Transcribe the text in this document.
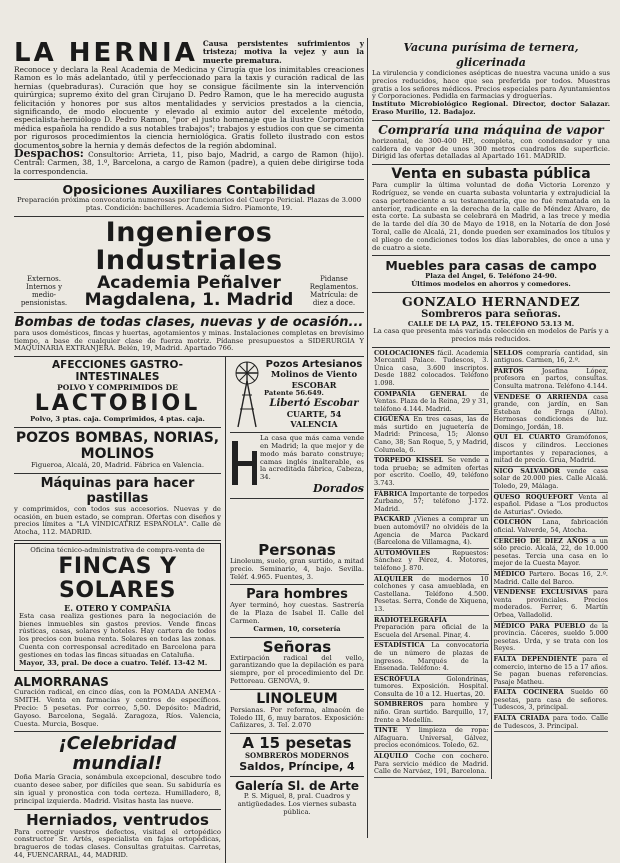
LA HERNIA Causa persistentes sufrimientos y tristeza; motiva la vejez y aun la muerte prematura.
Reconoce y declara la Real Academia de Medicina y Cirugía que los inimitables creaciones Ramon es lo más adelantado, útil y perfeccionado para la taxis y curación radical de las hernias (quebraduras). Curación que hoy se consigue fácilmente sin la intervención quirúrgica; supremo éxito del gran Cirujano D. Pedro Ramon, que le ha merecido augusta felicitación y honores por sus altos mentalidades y servicios prestados a la ciencia, significando, de modo elocuente y elevado al eximio autor del excelente método, especialista-herniólogo D. Pedro Ramon, "por el justo homenaje que la ilustre Corporación médica española ha rendido a sus notables trabajos"; trabajos y estudios con que se cimenta por rigurosos procedimientos la ciencia herniológica. Gratis folleto ilustrado con estos documentos sobre la hernia y demás defectos de la región abdominal.
Despachos: Consultorio: Arrieta, 11, piso bajo, Madrid, a cargo de Ramon (hijo). Central: Carmen, 38, 1.º, Barcelona, a cargo de Ramon (padre), a quien debe dirigirse toda la correspondencia.
Oposiciones Auxiliares Contabilidad
Preparación próxima convocatoria numerosas por funcionarios del Cuerpo Pericial. Plazas de 3.000 ptas. Condición: bachilleres. Academia Sidro. Piamonte, 19.
Ingenieros Industriales
Externos. Internos y medio-pensionistas.
Academia Peñalver
Magdalena, 1. Madrid
Pidanse Reglamentos. Matrícula: de diez a doce.
Bombas de todas clases, nuevas y de ocasión...
para usos domésticos, fincas y huertas, agotamientos y minas. Instalaciones completas en brevísimo tiempo, a base de cualquier clase de fuerza motriz. Pídanse presupuestos a SIDERURGIA Y MAQUINARIA EXTRANJERA. Belén, 19, Madrid. Apartado 766.
AFECCIONES GASTRO-INTESTINALES
POLVO Y COMPRIMIDOS DE
LACTOBIOL
Polvo, 3 ptas. caja. Comprimidos, 4 ptas. caja.
POZOS BOMBAS, NORIAS, MOLINOS
Figueroa, Alcalá, 20, Madrid. Fábrica en Valencia.
Máquinas para hacer pastillas
y comprimidos, con todos sus accesorios. Nuevas y de ocasión, en buen estado, se compran. Ofertas con diseños y precios límites a "LA VINDICATRIZ ESPAÑOLA". Calle de Atocha, 112. MADRID.
Pozos Artesianos
Molinos de Viento
ESCOBAR
Patente 56.649.
Libertó Escobar
CUARTE, 54
VALENCIA
La casa que más cama vende en Madrid; la que mejor y de modo más barato construye; camas inglés inalterable, es la acreditada fábrica, Cabeza, 34.
Dorados
Oficina técnico-administrativa de compra-venta de
FINCAS Y SOLARES
E. OTERO Y COMPAÑIA
Esta casa realiza gestiones para la negociación de bienes inmuebles sin gastos previos. Vende fincas rústicas, casas, solares y hoteles. Hay cartera de todos los precios con buena renta. Solares en todas las zonas. Cuenta con corresponsal acreditado en Barcelona para gestiones en todas las fincas situadas en Cataluña.
Mayor, 33, pral. De doce a cuatro. Teléf. 13-42 M.
ALMORRANAS
Curación radical, en cinco días, con la POMADA ANEMA · SMITH. Venta en farmacias y centros de específicos. Precio: 5 pesetas. Por correo, 5,50. Depósito: Madrid, Gayoso. Barcelona, Segalá. Zaragoza, Ríos. Valencia, Cuesta. Murcia, Bosque.
¡Celebridad mundial!
Doña María Gracia, sonámbula excepcional, descubre todo cuanto desee saber, por difíciles que sean. Su sabiduría es sin igual y pronostica con toda certeza. Humilladero, 8, principal izquierda. Madrid. Visitas hasta las nueve.
Herniados, ventrudos
Para corregir vuestros defectos, visitad el ortopédico constructor Sr. Artés, especialista en fajas ortopédicas, bragueros de todas clases. Consultas gratuitas. Carretas, 44, FUENCARRAL, 44, MADRID.
Personas
Linoleum, suelo, gran surtido, a mitad precio. Seminario, 4, bajo. Sevilla. Teléf. 4.965. Fuentes, 3.
Para hombres
Ayer terminó, hoy cuestas. Sastrería de la Plaza de Isabel II. Calle del Carmen.
Carmen, 10, corsetería
Señoras
Extirpación radical del vello, garantizando que la depilación es para siempre, por el procedimiento del Dr. Pettoreau. GENOVA, 9.
LINOLEUM
Persianas. Por reforma, almacén de Toledo III, 6, muy baratos. Exposición: Cañizares, 3. Tel. 2.070
A 15 pesetas
SOMBREROS MODERNOS
Saldos, Príncipe, 4
Galería Sl. de Arte
P. S. Miguel, 8, pral. Cuadros y antigüedades. Los viernes subasta pública.
Vacuna purísima de ternera, glicerinada
La virulencia y condiciones asépticas de nuestra vacuna unido a sus precios reducidos, hace que sea preferida por todos. Muestras gratis a los señores médicos. Precios especiales para Ayuntamientos y Corporaciones. Pedidla en farmacias y droguerías.
Instituto Microbiológico Regional. Director, doctor Salazar. Eraso Murillo, 12. Badajoz.
Compraría una máquina de vapor
horizontal, de 300-400 HP., completa, con condensador y una caldera de vapor de unos 300 metros cuadrados de superficie. Dirigid las ofertas detalladas al Apartado 161. MADRID.
Venta en subasta pública
Para cumplir la última voluntad de doña Victoria Lorenzo y Rodríguez, se vende en cuarta subasta voluntaria y extrajudicial la casa perteneciente a su testamentaría, que no fué rematada en la anterior, radicante en la derecha de la calle de Méndez Álvaro, de esta corte. La subasta se celebrará en Madrid, a las trece y media de la tarde del día 30 de Mayo de 1918, en la Notaría de don José Toral, calle de Alcalá, 21, donde pueden ser examinados los títulos y el pliego de condiciones todos los días laborables, de once a una y de cuatro a siete.
Muebles para casas de campo
Plaza del Ángel, 6. Teléfono 24-90.
Últimos modelos en ahorros y comedores.
GONZALO HERNANDEZ
Sombreros para señoras.
CALLE DE LA PAZ, 15. TELÉFONO 53.13 M.
La casa que presenta más variada colección en modelos de París y a precios más reducidos.
COLOCACIONES fácil. Academia Mercantil Palace. Tudescos, 3. Única casa, 3.600 inscriptos. Desde 1882 colocados. Teléfono 1.098.
COMPAÑÍA GENERAL de Ventas. Plaza de la Reina, 29 y 31, teléfono 4.144. Madrid.
CIGÜEÑA En tres casas, las de más surtido en juguetería de Madrid: Princesa, 15; Alonso Cano, 38; San Roque, 5, y Madrid, Columela, 6.
TORPEDO KISSEL Se vende a toda prueba; se admiten ofertas por escrito. Coello, 49, teléfono 3.743.
FÁBRICA Importante de torpedos Zurbano, 57; teléfono J-172. Madrid.
PACKARD ¿Vienes a comprar un buen automóvil? no olvidéis de la Agencia de Marca Packard (Barcelona de Villamagna, 4).
AUTOMÓVILES	Repuestos: Sánchez y Pérez, 4. Motores, teléfono J. 870.
ALQUILER de modernos 10 colchones y casa amueblada, en Castellana. Teléfono 4.500. Pesetas. Serra, Conde de Xiquena, 13.
RADIOTELEGRAFÍA Preparación para oficial de la Escuela del Arsenal. Pinar, 4.
ESTADÍSTICA La convocatoria de un número de plazas de ingresos. Marqués de la Ensenada. Teléfono: 4.
ESCRÓFULA	Golondrinas, tumores. Exposición. Hospital. Consulta de 10 a 12. Huertas, 20.
SOMBREROS para hombre y niño. Gran surtido. Barquillo, 17, frente a Medellín.
TINTE Y limpieza de ropa: Alfaguara. Universal, Gálvez, precios económicos. Toledo, 62.
ALQUILO Coche con cochero. Para servicio médico de Madrid. Calle de Narváez, 191, Barcelona.
SELLOS compraría cantidad, sin antiguos. Carmen, 16, 2.º.
PARTOS	Josefina López, profesora en partos, consultas. Consulta matrona. Teléfono 4.144.
VENDESE O ARRIENDA casa grande, con jardín, en San Esteban de Fraga (Alto). Hermosas condiciones de luz. Domingo, Jordán, 18.
QUI EL CUARTO Gramófonos, discos y cilindros. Lecciones importantes y reparaciones, a mitad de precio. Grua, Madrid.
NICO SALVADOR vende casa solar de 20.000 pies. Calle Alcalá. Toledo, 29, Málaga.
QUESO ROQUEFORT Venta al español. Pidase a "Los productos de Asturias". Oviedo.
COLCHÓN Lana, fabricación oficial. Valverde, 54, Atocha.
CERCHO DE DIEZ AÑOS a un sólo precio. Alcalá, 22, de 10.000 pesetas. Tercia una casa en lo mejor de la Cuesta Mayor.
MÉDICO Partero. Bocas 16, 2.º. Madrid. Calle del Barco.
VENDENSE EXCLUSIVAS para venta provinciales. Precios moderados. Ferrer, 6. Martín Orbea, Valladolid.
MÉDICO PARA PUEBLO de la provincia. Cáceres, sueldo 5.000 pesetas. Urda, y se trata con los Reyes.
FALTA DEPENDIENTE para el comercio, interno de 15 a 17 años. Se pagan buenas referencias. Pasaje Matheu.
FALTA COCINERA Sueldo 60 pesetas, para casa de señores. Tudescos, 3, principal.
FALTA CRIADA para todo. Calle de Tudescos, 3. Principal.
